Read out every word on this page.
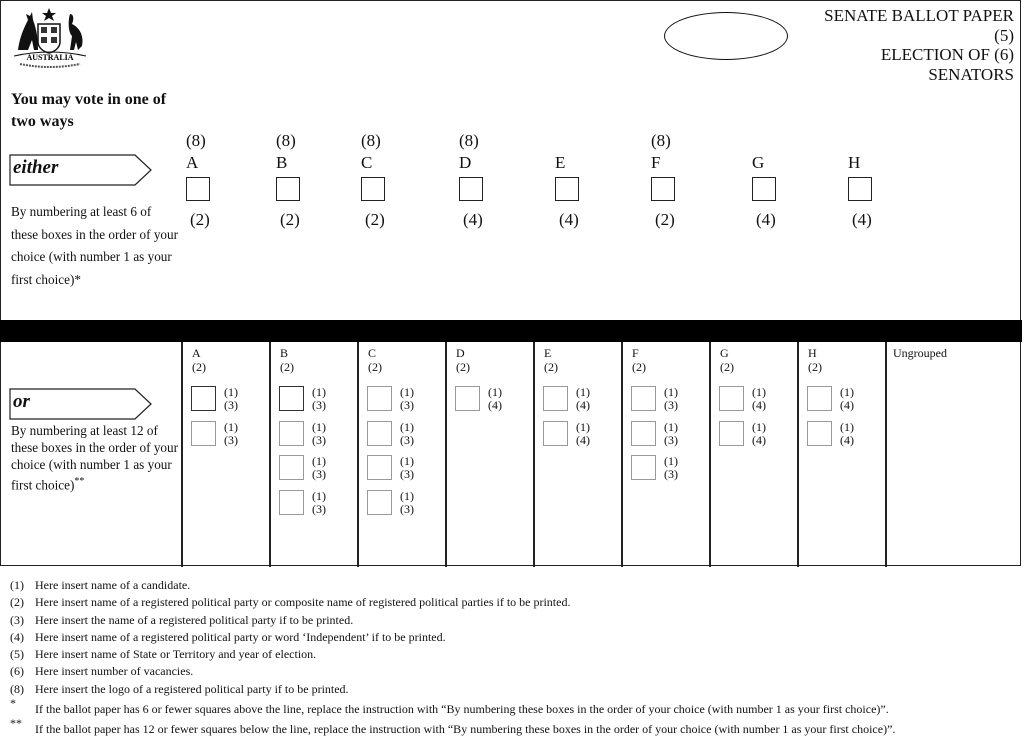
AUSTRALIA
SENATE BALLOT PAPER
(5)
ELECTION OF (6)
SENATORS
You may vote in one of two ways
either
By numbering at least 6 of these boxes in the order of your choice (with number 1 as your first choice)*
(8)
A
(2)
(8)
B
(2)
(8)
C
(2)
(8)
D
(4)
E
(4)
(8)
F
(2)
G
(4)
H
(4)
or
By numbering at least 12 of these boxes in the order of your choice (with number 1 as your first choice)**
A
(2)
(1)
(3)
(1)
(3)
B
(2)
(1)
(3)
(1)
(3)
(1)
(3)
(1)
(3)
C
(2)
(1)
(3)
(1)
(3)
(1)
(3)
(1)
(3)
D
(2)
(1)
(4)
E
(2)
(1)
(4)
(1)
(4)
F
(2)
(1)
(3)
(1)
(3)
(1)
(3)
G
(2)
(1)
(4)
(1)
(4)
H
(2)
(1)
(4)
(1)
(4)
Ungrouped
(1) Here insert name of a candidate.
(2) Here insert name of a registered political party or composite name of registered political parties if to be printed.
(3) Here insert the name of a registered political party if to be printed.
(4) Here insert name of a registered political party or word ‘Independent’ if to be printed.
(5) Here insert name of State or Territory and year of election.
(6) Here insert number of vacancies.
(8) Here insert the logo of a registered political party if to be printed.
* If the ballot paper has 6 or fewer squares above the line, replace the instruction with “By numbering these boxes in the order of your choice (with number 1 as your first choice)”.
** If the ballot paper has 12 or fewer squares below the line, replace the instruction with “By numbering these boxes in the order of your choice (with number 1 as your first choice)”.
